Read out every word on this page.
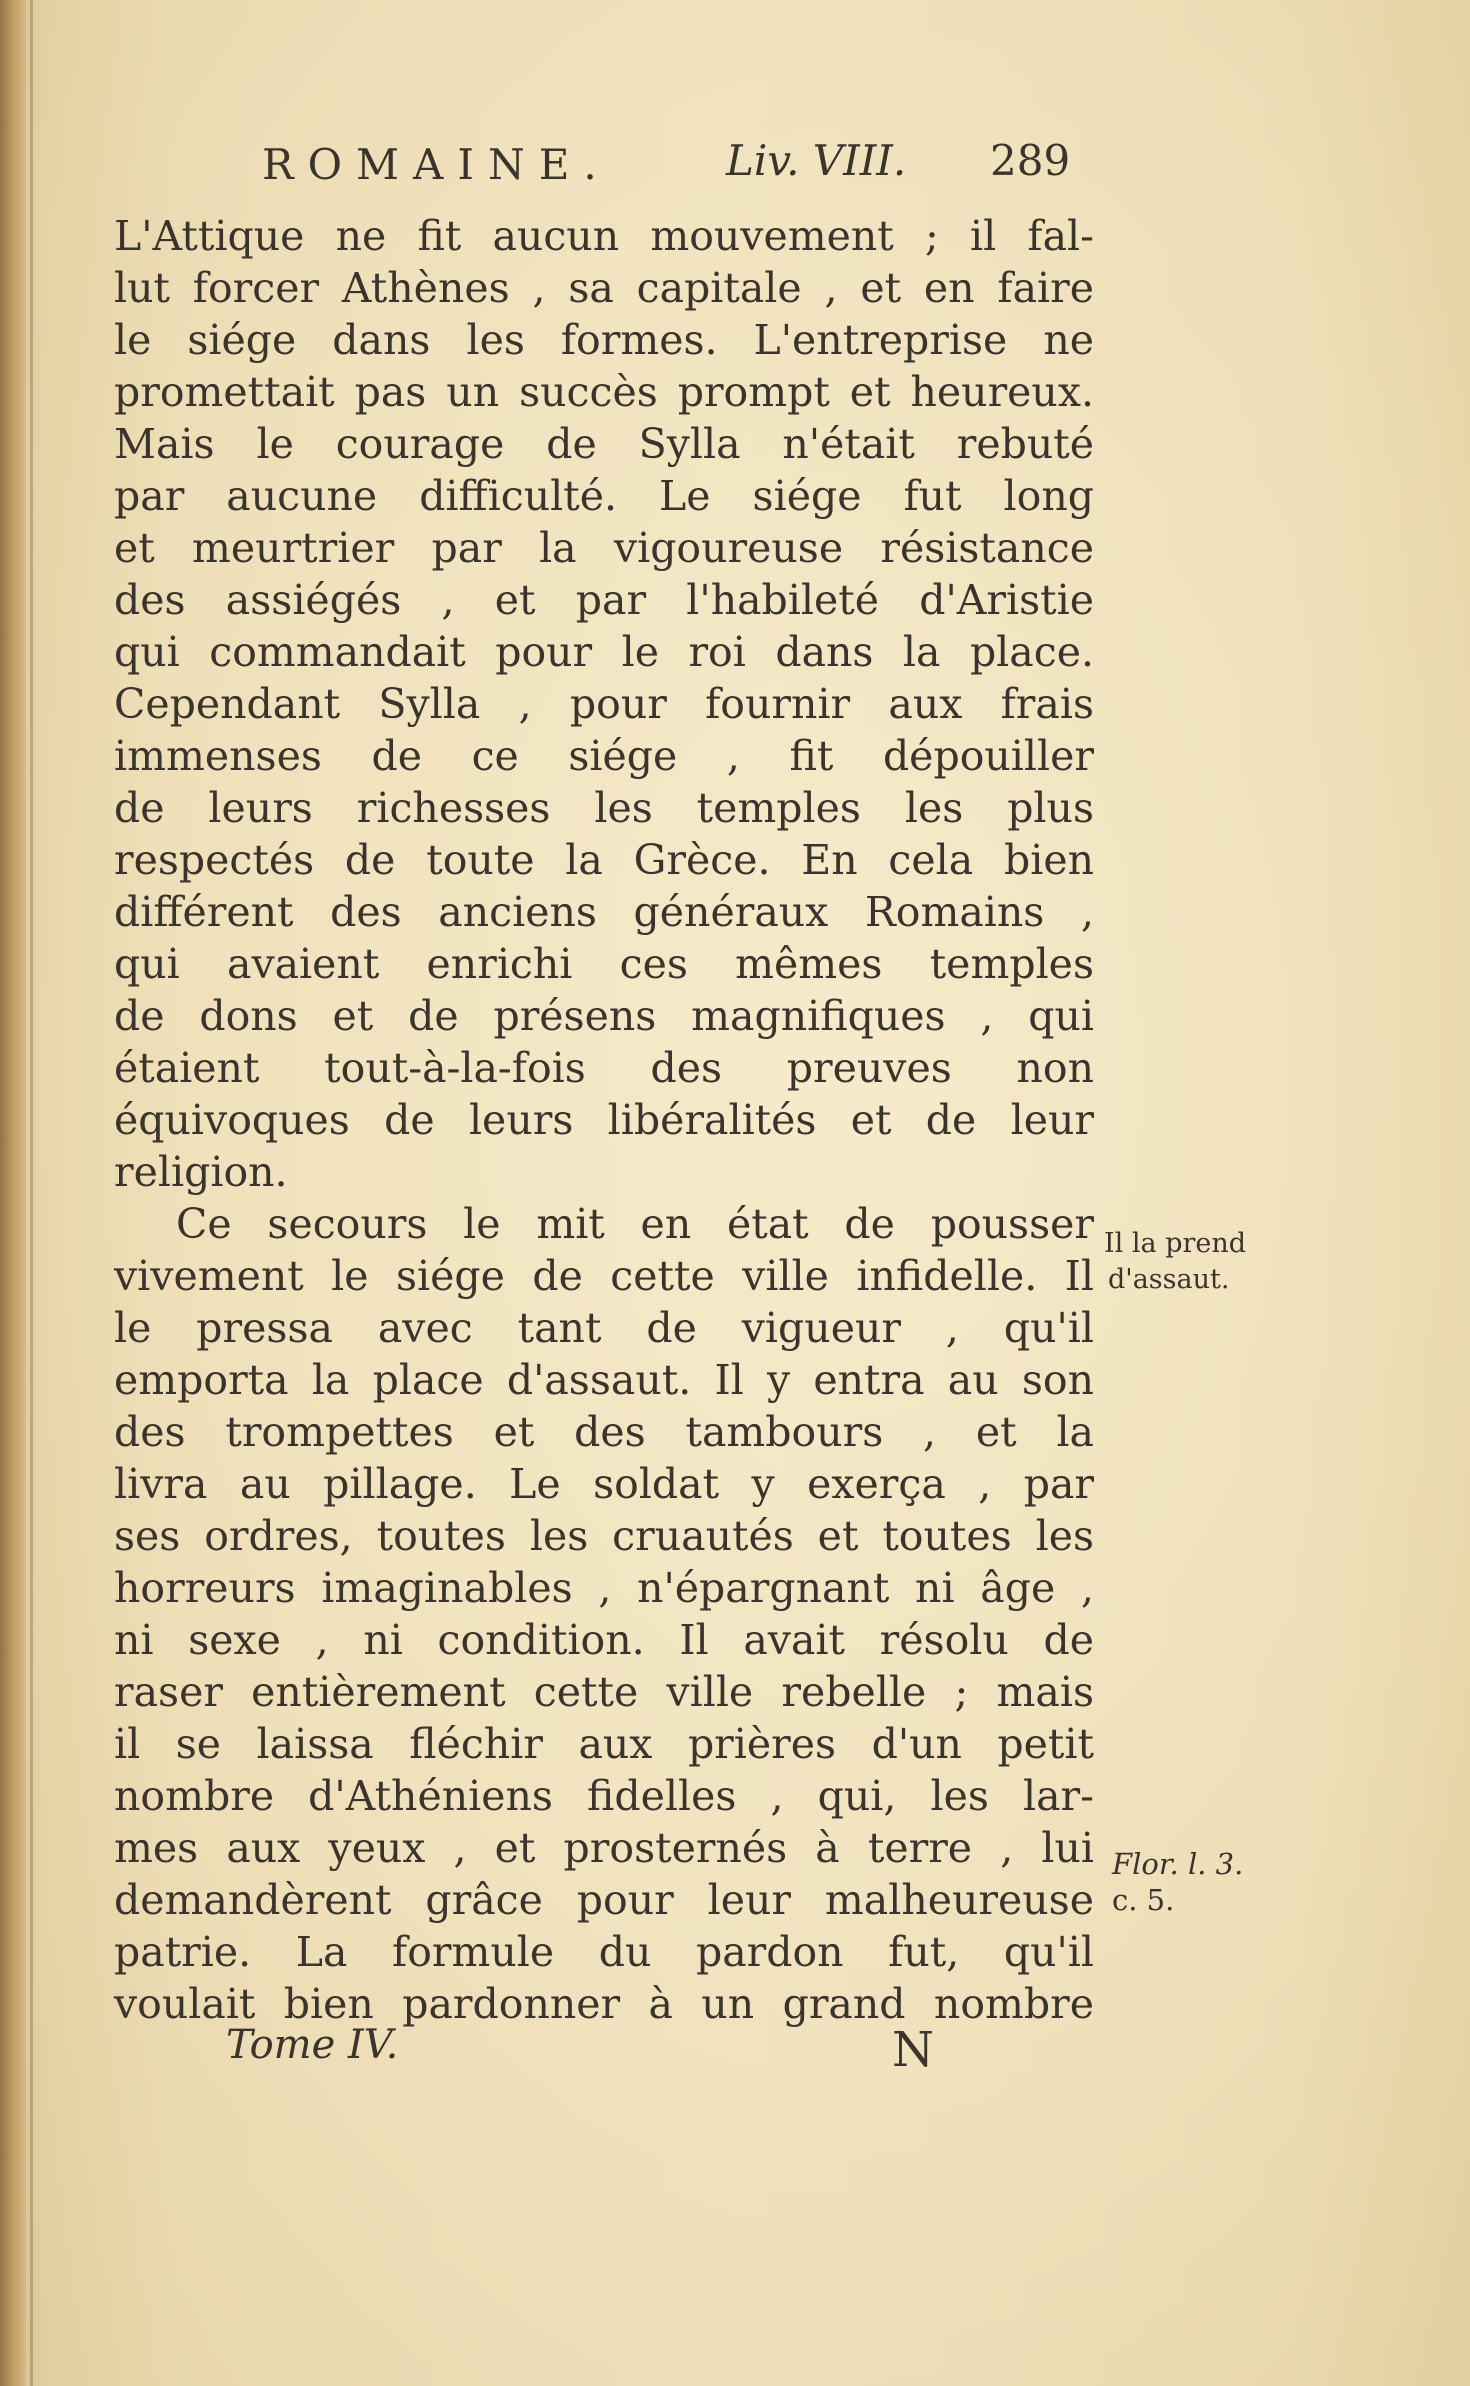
ROMAINE.	Liv. VIII. 289
L'Attique ne fit aucun mouvement ; il fal-
lut forcer Athènes , sa capitale , et en faire
le siége dans les formes. L'entreprise ne
promettait pas un succès prompt et heureux.
Mais le courage de Sylla n'était rebuté
par aucune difficulté. Le siége fut long
et meurtrier par la vigoureuse résistance
des assiégés , et par l'habileté d'Aristie
qui commandait pour le roi dans la place.
Cependant Sylla , pour fournir aux frais
immenses de ce siége , fit dépouiller
de leurs richesses les temples les plus
respectés de toute la Grèce. En cela bien
différent des anciens généraux Romains ,
qui avaient enrichi ces mêmes temples
de dons et de présens magnifiques , qui
étaient tout-à-la-fois des preuves non
équivoques de leurs libéralités et de leur
religion.
Ce secours le mit en état de pousser
vivement le siége de cette ville infidelle. Il
le pressa avec tant de vigueur , qu'il
emporta la place d'assaut. Il y entra au son
des trompettes et des tambours , et la
livra au pillage. Le soldat y exerça , par
ses ordres, toutes les cruautés et toutes les
horreurs imaginables , n'épargnant ni âge ,
ni sexe , ni condition. Il avait résolu de
raser entièrement cette ville rebelle ; mais
il se laissa fléchir aux prières d'un petit
nombre d'Athéniens fidelles , qui, les lar-
mes aux yeux , et prosternés à terre , lui
demandèrent grâce pour leur malheureuse
patrie. La formule du pardon fut, qu'il
voulait bien pardonner à un grand nombre
Il la prend
d'assaut.
Flor. l. 3.
c. 5.
Tome IV.	N
